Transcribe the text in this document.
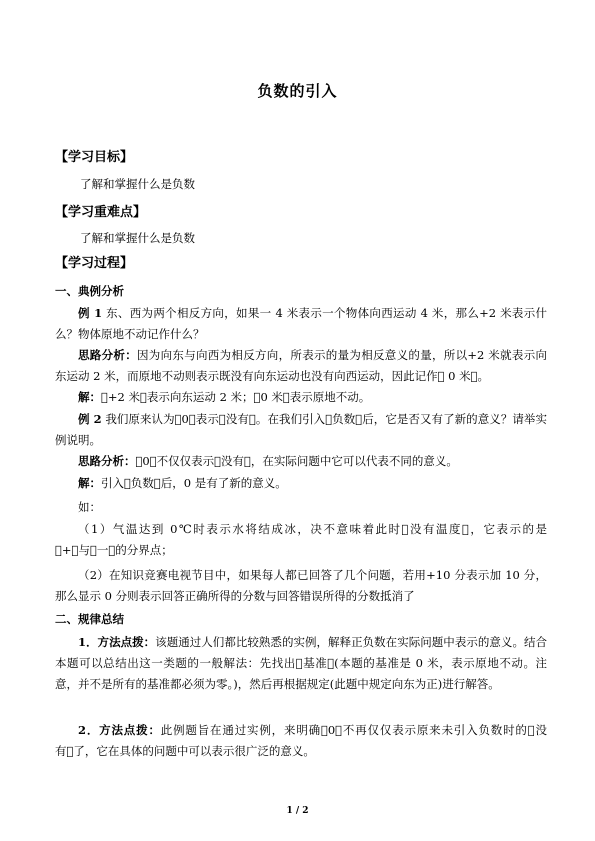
负数的引入
【学习目标】
了解和掌握什么是负数
【学习重难点】
了解和掌握什么是负数
【学习过程】
一、典例分析
例 1 东、西为两个相反方向，如果一 4 米表示一个物体向西运动 4 米，那么+2 米表示什么？物体原地不动记作什么？
思路分析：因为向东与向西为相反方向，所表示的量为相反意义的量，所以+2 米就表示向东运动 2 米，而原地不动则表示既没有向东运动也没有向西运动，因此记作  0 米 。
解： +2 米 表示向东运动 2 米； 0 米 表示原地不动。
例 2 我们原来认为 0 表示 没有 。在我们引入 负数 后，它是否又有了新的意义？请举实例说明。
思路分析： 0 不仅仅表示 没有 ，在实际问题中它可以代表不同的意义。
解：引入 负数 后，0 是有了新的意义。
如：
（1）气温达到 0℃时表示水将结成冰，决不意味着此时 没有温度 ，它表示的是  + 与 一 的分界点；
（2）在知识竞赛电视节目中，如果每人都已回答了几个问题，若用+10 分表示加 10 分，那么显示 0 分则表示回答正确所得的分数与回答错误所得的分数抵消了
二、规律总结
1．方法点拨：该题通过人们都比较熟悉的实例，解释正负数在实际问题中表示的意义。结合本题可以总结出这一类题的一般解法：先找出 基准 (本题的基准是 0 米，表示原地不动。注意，并不是所有的基准都必须为零。)，然后再根据规定(此题中规定向东为正)进行解答。
2．方法点拨：此例题旨在通过实例，来明确 0 不再仅仅表示原来未引入负数时的 没有 了，它在具体的问题中可以表示很广泛的意义。
1 / 2
